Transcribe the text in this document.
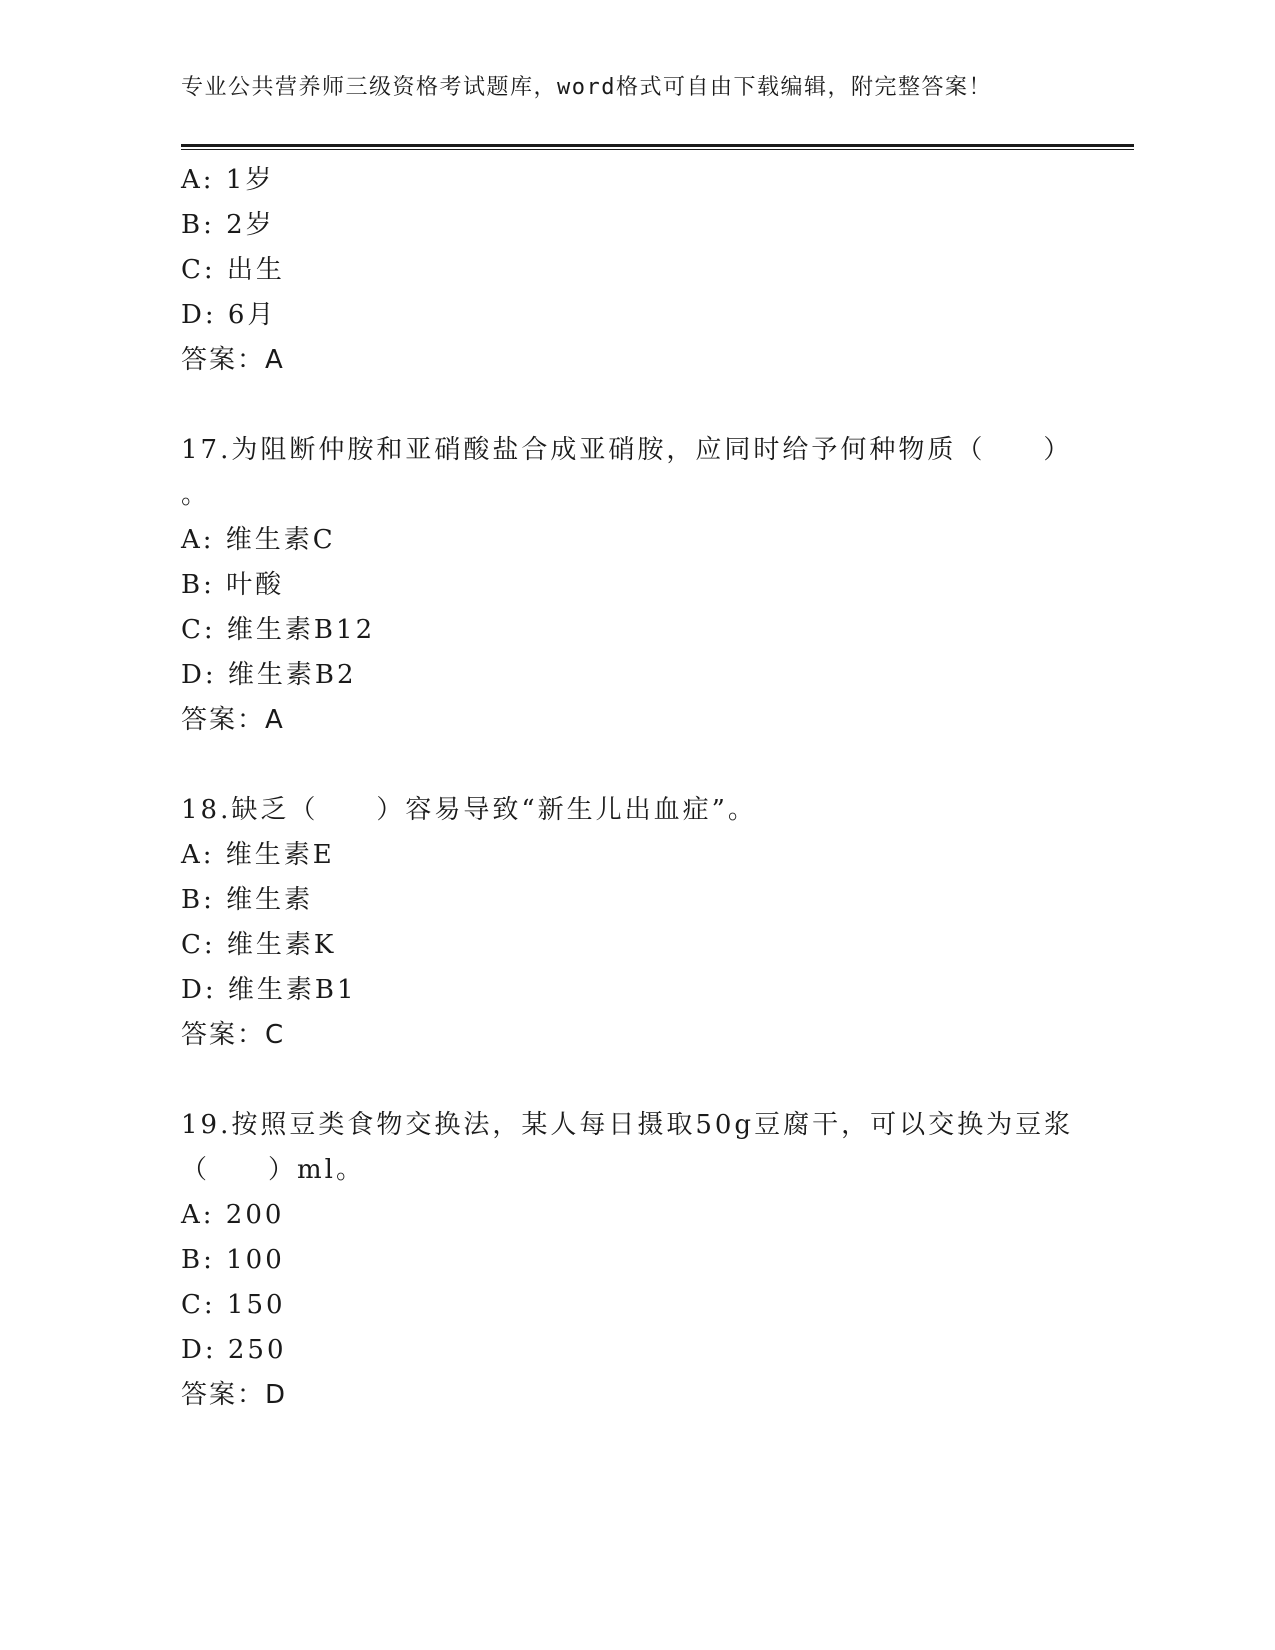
专业公共营养师三级资格考试题库，word格式可自由下载编辑，附完整答案！
A: 1岁
B: 2岁
C: 出生
D: 6月
答案：A
17.为阻断仲胺和亚硝酸盐合成亚硝胺，应同时给予何种物质（　　）
。
A: 维生素C
B: 叶酸
C: 维生素B12
D: 维生素B2
答案：A
18.缺乏（　　）容易导致“新生儿出血症”。
A: 维生素E
B: 维生素
C: 维生素K
D: 维生素B1
答案：C
19.按照豆类食物交换法，某人每日摄取50g豆腐干，可以交换为豆浆
（　　）ml。
A: 200
B: 100
C: 150
D: 250
答案：D
